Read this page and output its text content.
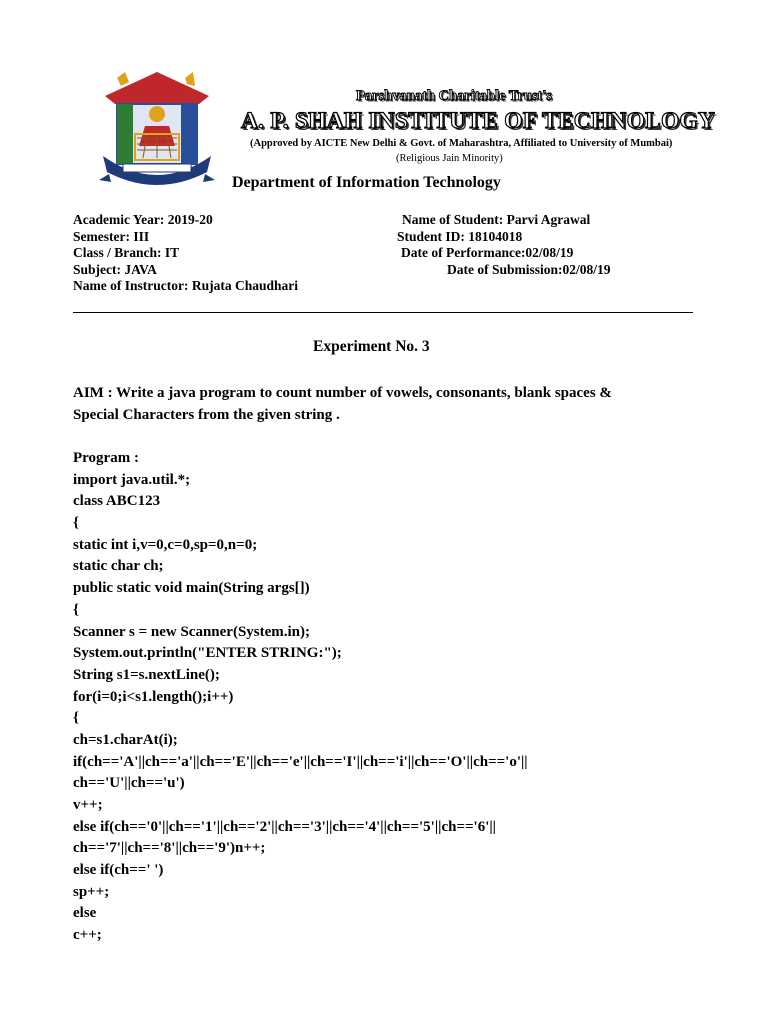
Parshvanath Charitable Trust's
A. P. SHAH INSTITUTE OF TECHNOLOGY
(Approved by AICTE New Delhi & Govt. of Maharashtra, Affiliated to University of Mumbai)
(Religious Jain Minority)
Department of Information Technology
Academic Year: 2019-20
Semester: III
Class / Branch: IT
Subject: JAVA
Name of Instructor: Rujata Chaudhari
Name of Student: Parvi Agrawal
Student ID: 18104018
Date of Performance:02/08/19
Date of Submission:02/08/19
Experiment No. 3
AIM : Write a java program to count number of vowels, consonants, blank spaces &
Special Characters from the given string .
Program :
import java.util.*;
class ABC123
{
static int i,v=0,c=0,sp=0,n=0;
static char ch;
public static void main(String args[])
{
Scanner s = new Scanner(System.in);
System.out.println("ENTER STRING:");
String s1=s.nextLine();
for(i=0;i<s1.length();i++)
{
ch=s1.charAt(i);
if(ch=='A'||ch=='a'||ch=='E'||ch=='e'||ch=='I'||ch=='i'||ch=='O'||ch=='o'||
ch=='U'||ch=='u')
v++;
else if(ch=='0'||ch=='1'||ch=='2'||ch=='3'||ch=='4'||ch=='5'||ch=='6'||
ch=='7'||ch=='8'||ch=='9')n++;
else if(ch==' ')
sp++;
else
c++;
